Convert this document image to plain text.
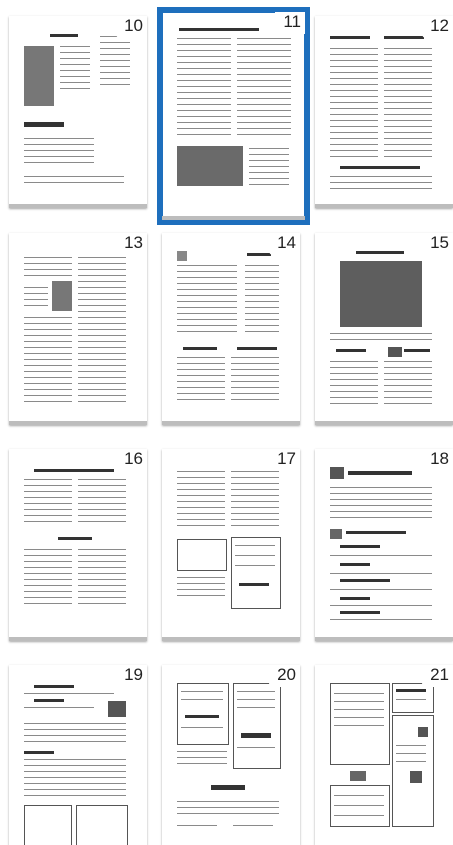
10	11	12
13	14	15
16	17	18
19	20	21
